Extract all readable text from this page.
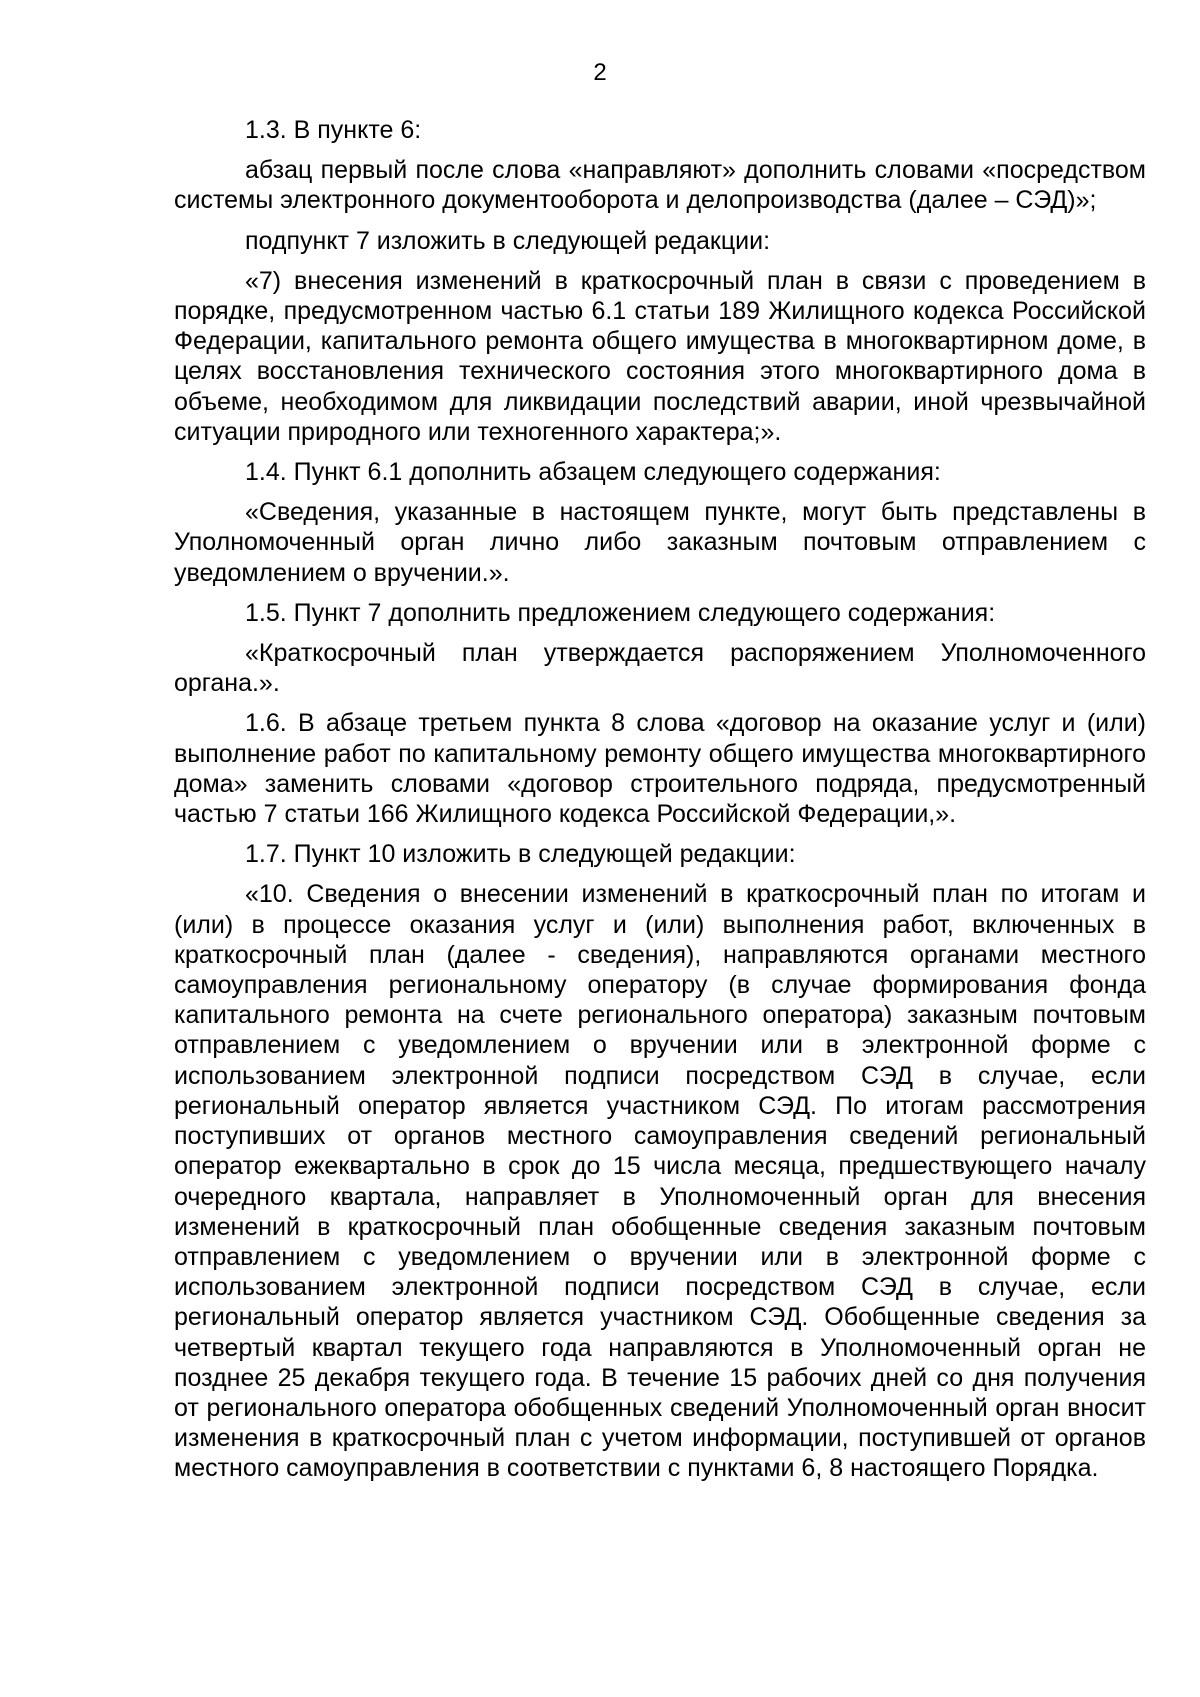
2

1.3. В пункте 6:

абзац первый после слова «направляют» дополнить словами «посредством системы электронного документооборота и делопроизводства (далее – СЭД)»;

подпункт 7 изложить в следующей редакции:

«7) внесения изменений в краткосрочный план в связи с проведением в порядке, предусмотренном частью 6.1 статьи 189 Жилищного кодекса Российской Федерации, капитального ремонта общего имущества в многоквартирном доме, в целях восстановления технического состояния этого многоквартирного дома в объеме, необходимом для ликвидации последствий аварии, иной чрезвычайной ситуации природного или техногенного характера;».

1.4. Пункт 6.1 дополнить абзацем следующего содержания:

«Сведения, указанные в настоящем пункте, могут быть представлены в Уполномоченный орган лично либо заказным почтовым отправлением с уведомлением о вручении.».

1.5. Пункт 7 дополнить предложением следующего содержания:

«Краткосрочный план утверждается распоряжением Уполномоченного органа.».

1.6. В абзаце третьем пункта 8 слова «договор на оказание услуг и (или) выполнение работ по капитальному ремонту общего имущества многоквартирного дома» заменить словами «договор строительного подряда, предусмотренный частью 7 статьи 166 Жилищного кодекса Российской Федерации,».

1.7. Пункт 10 изложить в следующей редакции:

«10. Сведения о внесении изменений в краткосрочный план по итогам и (или) в процессе оказания услуг и (или) выполнения работ, включенных в краткосрочный план (далее - сведения), направляются органами местного самоуправления региональному оператору (в случае формирования фонда капитального ремонта на счете регионального оператора) заказным почтовым отправлением с уведомлением о вручении или в электронной форме с использованием электронной подписи посредством СЭД в случае, если региональный оператор является участником СЭД. По итогам рассмотрения поступивших от органов местного самоуправления сведений региональный оператор ежеквартально в срок до 15 числа месяца, предшествующего началу очередного квартала, направляет в Уполномоченный орган для внесения изменений в краткосрочный план обобщенные сведения заказным почтовым отправлением с уведомлением о вручении или в электронной форме с использованием электронной подписи посредством СЭД в случае, если региональный оператор является участником СЭД. Обобщенные сведения за четвертый квартал текущего года направляются в Уполномоченный орган не позднее 25 декабря текущего года. В течение 15 рабочих дней со дня получения от регионального оператора обобщенных сведений Уполномоченный орган вносит изменения в краткосрочный план с учетом информации, поступившей от органов местного самоуправления в соответствии с пунктами 6, 8 настоящего Порядка.
